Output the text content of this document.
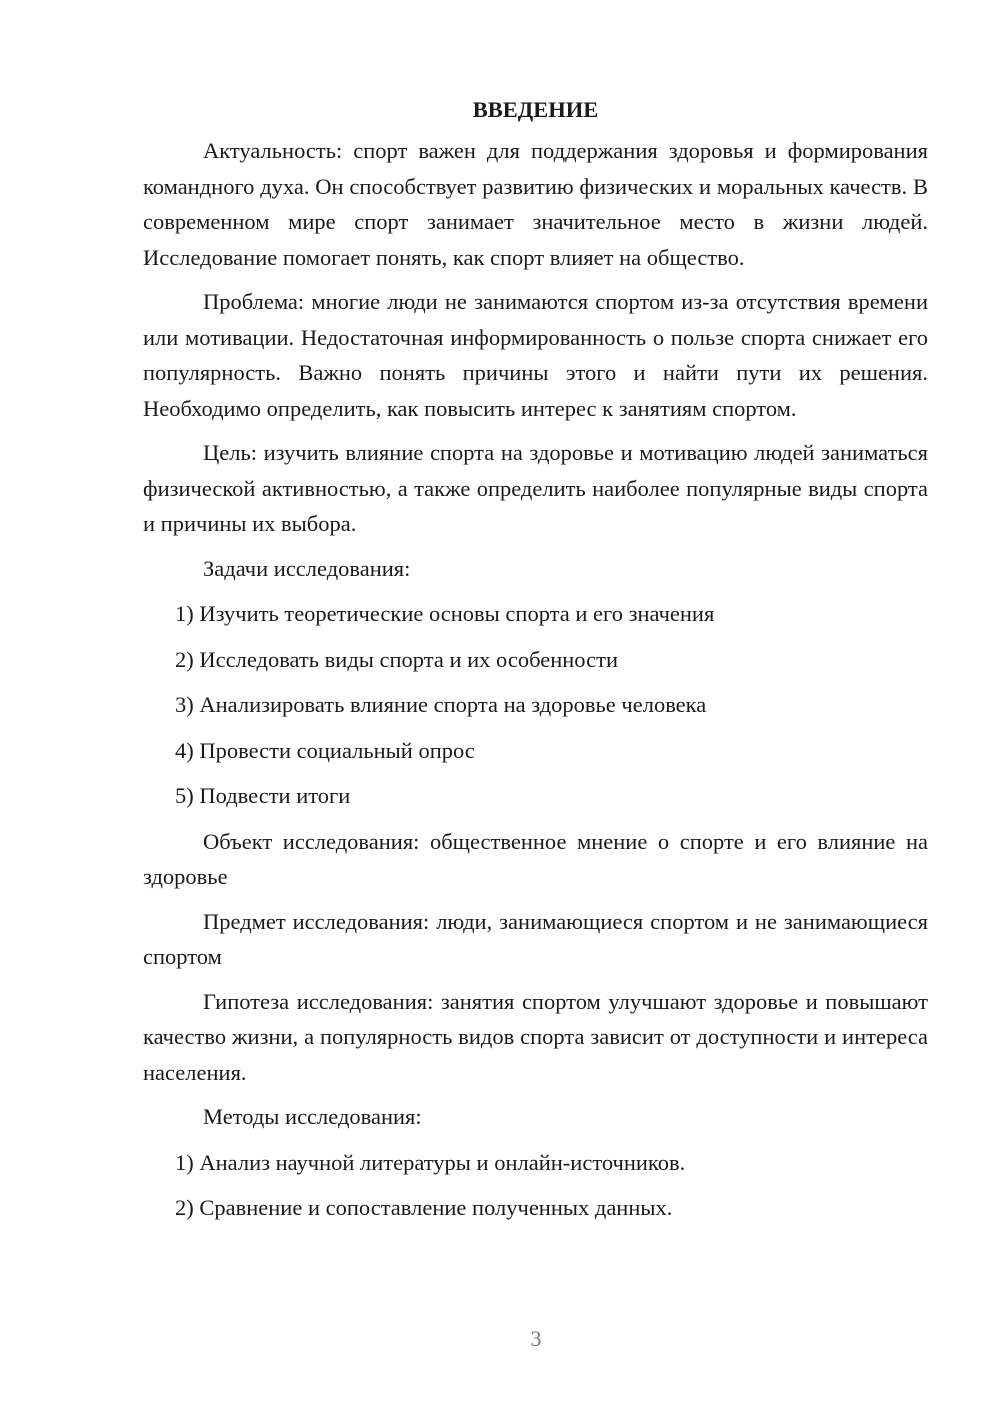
ВВЕДЕНИЕ

Актуальность: спорт важен для поддержания здоровья и формирования командного духа. Он способствует развитию физических и моральных качеств. В современном мире спорт занимает значительное место в жизни людей. Исследование помогает понять, как спорт влияет на общество.

Проблема: многие люди не занимаются спортом из-за отсутствия времени или мотивации. Недостаточная информированность о пользе спорта снижает его популярность. Важно понять причины этого и найти пути их решения. Необходимо определить, как повысить интерес к занятиям спортом.

Цель: изучить влияние спорта на здоровье и мотивацию людей заниматься физической активностью, а также определить наиболее популярные виды спорта и причины их выбора.

Задачи исследования:

1) Изучить теоретические основы спорта и его значения

2) Исследовать виды спорта и их особенности

3) Анализировать влияние спорта на здоровье человека

4) Провести социальный опрос

5) Подвести итоги

Объект исследования: общественное мнение о спорте и его влияние на здоровье

Предмет исследования: люди, занимающиеся спортом и не занимающиеся спортом

Гипотеза исследования: занятия спортом улучшают здоровье и повышают качество жизни, а популярность видов спорта зависит от доступности и интереса населения.

Методы исследования:

1) Анализ научной литературы и онлайн-источников.

2) Сравнение и сопоставление полученных данных.

3
